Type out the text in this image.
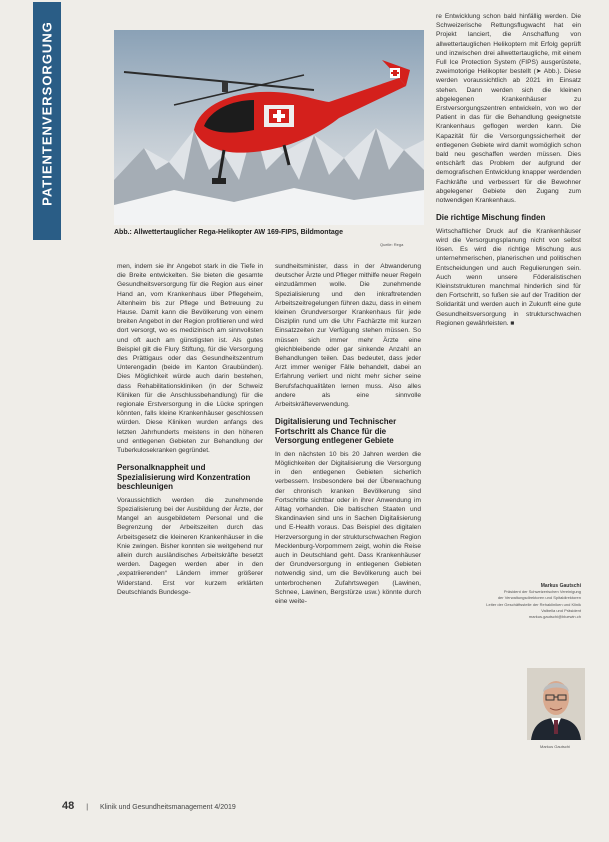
PATIENTENVERSORGUNG
Abb.: Allwettertauglicher Rega-Helikopter AW 169-FIPS, Bildmontage
Quelle: Rega

men, indem sie ihr Angebot stark in die Tiefe in die Breite entwickelten. Sie bieten die gesamte Gesundheitsversorgung für die Region aus einer Hand an, vom Krankenhaus über Pflegeheim, Altenheim bis zur Pflege und Betreuung zu Hause. Damit kann die Bevölkerung von einem breiten Angebot in der Region profitieren und wird dort versorgt, wo es medizinisch am sinnvollsten und oft auch am günstigsten ist. Als gutes Beispiel gilt die Flury Stiftung, für die Versorgung des Prättigaus oder das Gesundheitszentrum Unterengadin (beide im Kanton Graubünden). Dies Möglichkeit würde auch darin bestehen, dass Rehabilitationskliniken (in der Schweiz Kliniken für die Anschlussbehandlung) für die regionale Erstversorgung in die Lücke springen könnten, falls kleine Krankenhäuser geschlossen würden. Diese Kliniken wurden anfangs des letzten Jahrhunderts meistens in den höheren und entlegenen Gebieten zur Behandlung der Tuberkulosekranken gegründet.

Personalknappheit und Spezialisierung wird Konzentration beschleunigen

Voraussichtlich werden die zunehmende Spezialisierung bei der Ausbildung der Ärzte, der Mangel an ausgebildetem Personal und die Begrenzung der Arbeitszeiten durch das Arbeitsgesetz die kleineren Krankenhäuser in die Knie zwingen. Bisher konnten sie weitgehend nur allein durch ausländisches Arbeitskräfte besetzt werden. Dagegen werden aber in den „expatriierenden“ Ländern immer größerer Widerstand. Erst vor kurzem erklärten Deutschlands Bundesge-

sundheitsminister, dass in der Abwanderung deutscher Ärzte und Pfleger mithilfe neuer Regeln einzudämmen wolle. Die zunehmende Spezialisierung und den inkraftretenden Arbeitszeitregelungen führen dazu, dass in einem kleinen Grundversorger Krankenhaus für jede Disziplin rund um die Uhr Fachärzte mit kurzen Einsatzzeiten zur Verfügung stehen müssen. So müssen sich immer mehr Ärzte eine gleichbleibende oder gar sinkende Anzahl an Behandlungen teilen. Das bedeutet, dass jeder Arzt immer weniger Fälle behandelt, dabei an Erfahrung verliert und nicht mehr sicher seine Berufsfachqualitäten lernen muss. Also alles andere als eine sinnvolle Arbeitskräfteverwendung.

Digitalisierung und Technischer Fortschritt als Chance für die Versorgung entlegener Gebiete

In den nächsten 10 bis 20 Jahren werden die Möglichkeiten der Digitalisierung die Versorgung in den entlegenen Gebieten sicherlich verbessern. Insbesondere bei der Überwachung der chronisch kranken Bevölkerung sind Fortschritte sichtbar oder in ihrer Anwendung im Alltag vorhanden. Die baltischen Staaten und Skandinavien sind uns in Sachen Digitalisierung und E-Health voraus. Das Beispiel des digitalen Herzversorgung in der strukturschwachen Region Mecklenburg-Vorpommern zeigt, wohin die Reise auch in Deutschland geht. Dass Krankenhäuser der Grundversorgung in entlegenen Gebieten notwendig sind, um die Bevölkerung auch bei unterbrochenen Zufahrtswegen (Lawinen, Schnee, Lawinen, Bergstürze usw.) könnte durch eine weite-

re Entwicklung schon bald hinfällig werden. Die Schweizerische Rettungsflugwacht hat ein Projekt lanciert, die Anschaffung von allwettertauglichen Helikoptern mit Erfolg geprüft und inzwischen drei allwettertaugliche, mit einem Full Ice Protection System (FIPS) ausgerüstete, zweimotorige Helikopter bestellt (➤ Abb.). Diese werden voraussichtlich ab 2021 im Einsatz stehen. Dann werden sich die kleinen abgelegenen Krankenhäuser zu Erstversorgungszentren entwickeln, von wo der Patient in das für die Behandlung geeignetste Krankenhaus geflogen werden kann. Die Kapazität für die Versorgungssicherheit der entlegenen Gebiete wird damit womöglich schon bald neu geschaffen werden müssen. Dies entschärft das Problem der aufgrund der demografischen Entwicklung knapper werdenden Fachkräfte und verbessert für die Bewohner abgelegener Gebiete den Zugang zum notwendigen Krankenhaus.

Die richtige Mischung finden

Wirtschaftlicher Druck auf die Krankenhäuser wird die Versorgungsplanung nicht von selbst lösen. Es wird die richtige Mischung aus unternehmerischen, planerischen und politischen Entscheidungen und auch Regulierungen sein. Auch wenn unsere Föderalistischen Kleinststrukturen manchmal hinderlich sind für den Fortschritt, so fußen sie auf der Tradition der Solidarität und werden auch in Zukunft eine gute Gesundheitsversorgung in strukturschwachen Regionen gewährleisten. ■

Markus Gautschi
Präsident der Schweizerischen Vereinigung
der Verwaltungsdirektoren und Spitaldirektoren
Leiter der Geschäftsstelle der Rehakliniken und Klinik
Valbella und Präsident
markus.gautschi@bluewin.ch
Markus Gautschi
48 | Klinik und Gesundheitsmanagement 4/2019
